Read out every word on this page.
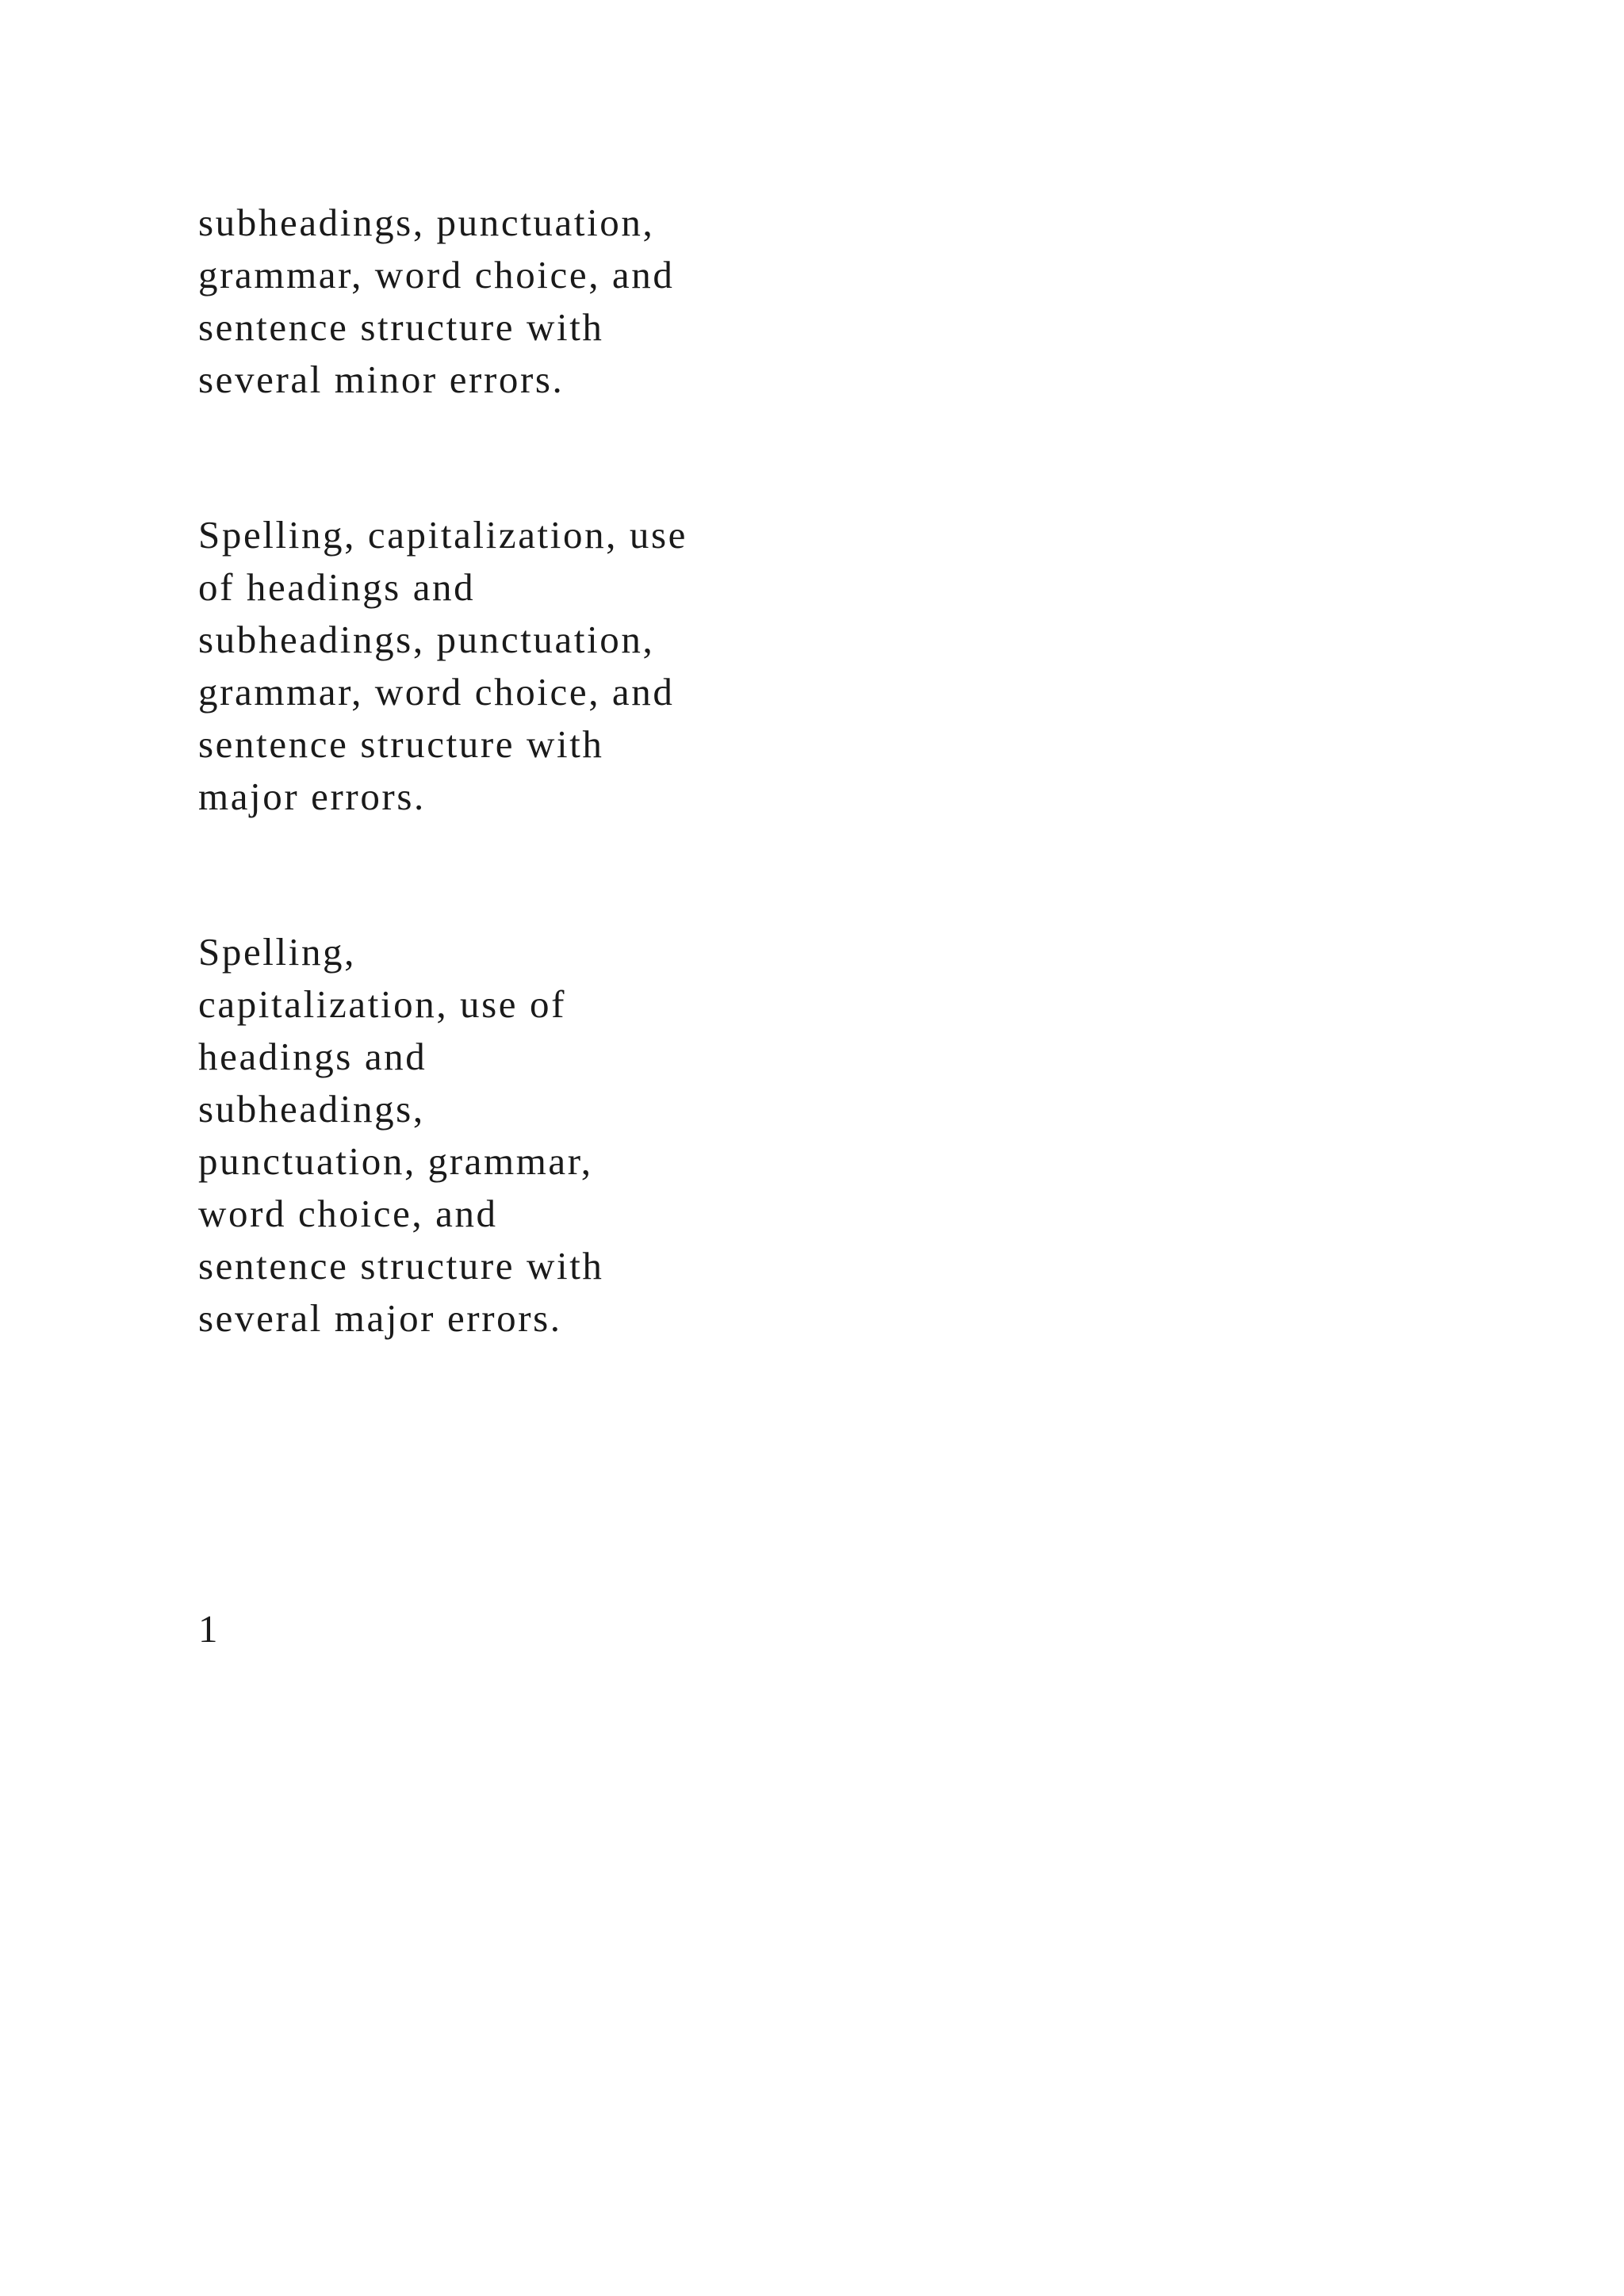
subheadings, punctuation,
grammar, word choice, and
sentence structure with
several minor errors.
Spelling, capitalization, use
of headings and
subheadings, punctuation,
grammar, word choice, and
sentence structure with
major errors.
Spelling,
capitalization, use of
headings and
subheadings,
punctuation, grammar,
word choice, and
sentence structure with
several major errors.
1
